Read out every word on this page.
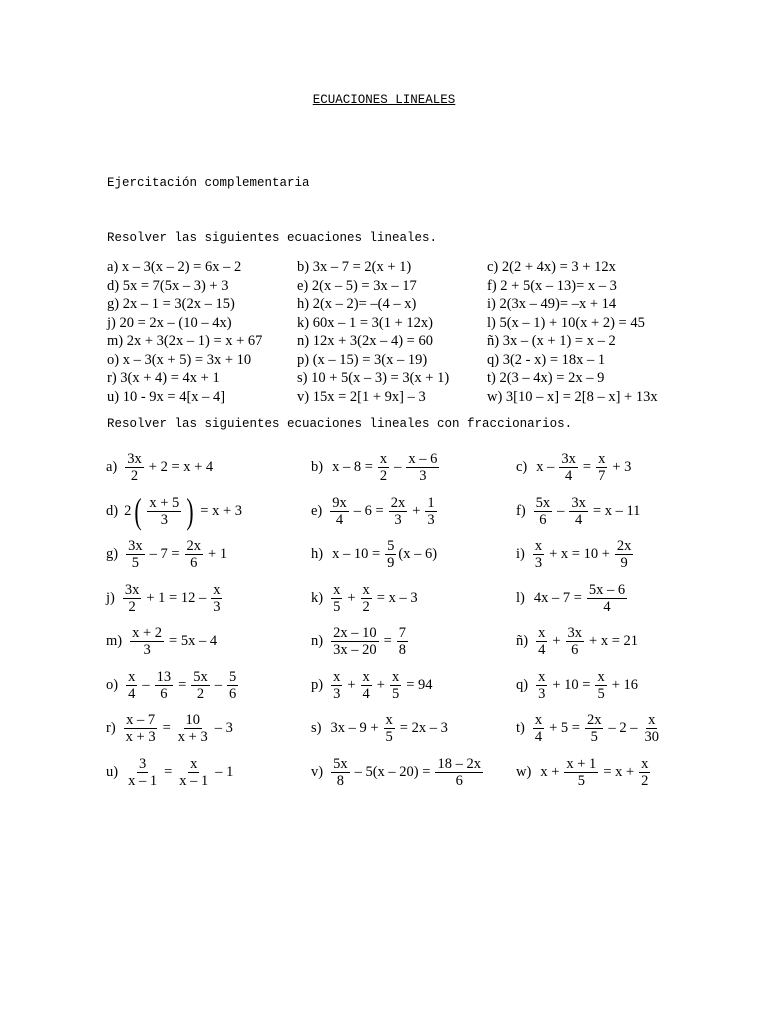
ECUACIONES LINEALES
Ejercitación complementaria
Resolver las siguientes ecuaciones lineales.
a) x – 3(x – 2) = 6x – 2	b) 3x – 7 = 2(x + 1)	c) 2(2 + 4x) = 3 + 12x
d) 5x = 7(5x – 3) + 3	e) 2(x – 5) = 3x – 17	f) 2 + 5(x – 13)= x – 3
g) 2x – 1 = 3(2x – 15)	h) 2(x – 2)= –(4 – x)	i) 2(3x – 49)= –x + 14
j) 20 = 2x – (10 – 4x)	k) 60x – 1 = 3(1 + 12x)	l) 5(x – 1) + 10(x + 2) = 45
m) 2x + 3(2x – 1) = x + 67	n) 12x + 3(2x – 4) = 60	ñ) 3x – (x + 1) = x – 2
o) x – 3(x + 5) = 3x + 10	p) (x – 15) = 3(x – 19)	q) 3(2 - x) = 18x – 1
r) 3(x + 4) = 4x + 1	s) 10 + 5(x – 3) = 3(x + 1)	t) 2(3 – 4x) = 2x – 9
u) 10 - 9x = 4[x – 4]	v) 15x = 2[1 + 9x] – 3	w) 3[10 – x] = 2[8 – x] + 13x
Resolver las siguientes ecuaciones lineales con fraccionarios.
$a) \frac{3x}{2} + 2 = x + 4$	b) $x - 8 = \frac{x}{2} - \frac{x - 6}{3}$	c) $x - \frac{3x}{4} = \frac{x}{7} + 3$
d) 2 ( $\frac{x + 5}{3}$ ) = x + 3	$e) \frac{9x}{4} - 6 = \frac{2x}{3} + \frac{1}{3}$	$f) \frac{5x}{6} - \frac{3x}{4} = x - 11$
$g) \frac{3x}{5} - 7 = \frac{2x}{6} + 1$	h) $x - 10 = \frac{5}{9} (x - 6)$	$i) \frac{x}{3} + x = 10 + \frac{2x}{9}$
$j) \frac{3x}{2} + 1 = 12 - \frac{x}{3}$	$k) \frac{x}{5} + \frac{x}{2} = x - 3$	l) $4x - 7 = \frac{5x - 6}{4}$
$m) \frac{x + 2}{3} = 5x - 4$	$n) \frac{2x - 10}{3x - 20} = \frac{7}{8}$	ñ) $\frac{x}{4} + \frac{3x}{6} + x = 21$
$o) \frac{x}{4} - \frac{13}{6} = \frac{5x}{2} - \frac{5}{6}$	$p) \frac{x}{3} + \frac{x}{4} + \frac{x}{5} = 94$	$q) \frac{x}{3} + 10 = \frac{x}{5} + 16$
$r) \frac{x - 7}{x + 3} = \frac{10}{x + 3} - 3$	s) $3x - 9 + \frac{x}{5} = 2x - 3$	$t) \frac{x}{4} + 5 = \frac{2x}{5} - 2 - \frac{x}{30}$
$u) \frac{3}{x - 1} = \frac{x}{x - 1} - 1$	$v) \frac{5x}{8} - 5(x - 20) = \frac{18 - 2x}{6} w$) $x + \frac{x + 1}{5} = x + \frac{x}{2}$
